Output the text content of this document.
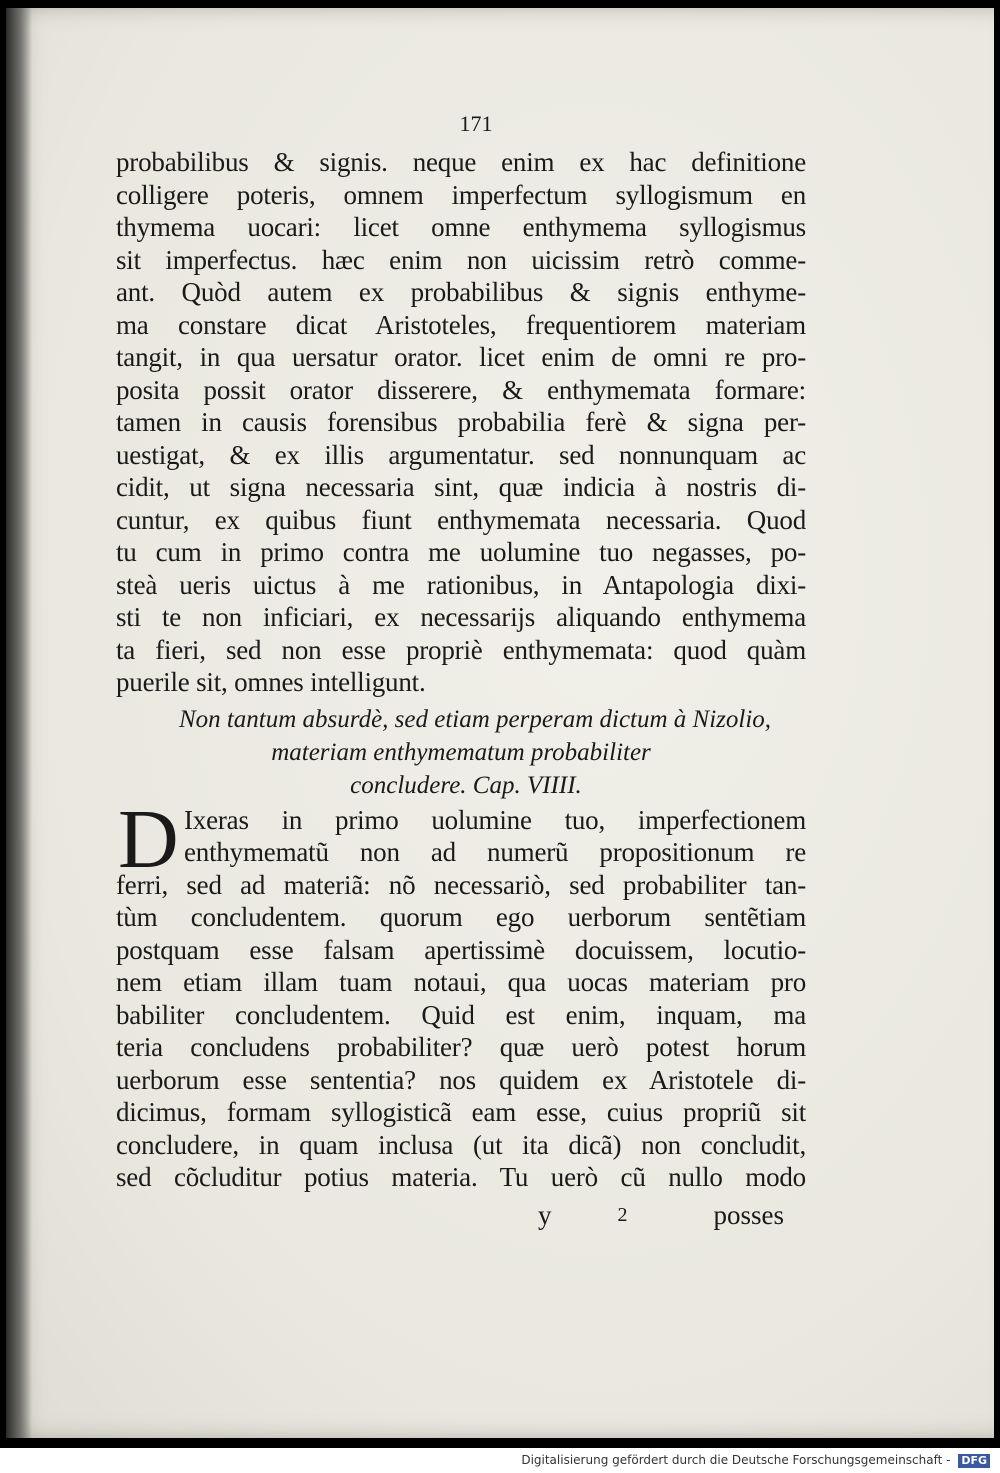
171
probabilibus & signis. neque enim ex hac definitione
colligere poteris, omnem imperfectum syllogismum en
thymema uocari: licet omne enthymema syllogismus
sit imperfectus. hæc enim non uicissim retrò comme-
ant. Quòd autem ex probabilibus & signis enthyme-
ma constare dicat Aristoteles, frequentiorem materiam
tangit, in qua uersatur orator. licet enim de omni re pro-
posita possit orator disserere, & enthymemata formare:
tamen in causis forensibus probabilia ferè & signa per-
uestigat, & ex illis argumentatur. sed nonnunquam ac
cidit, ut signa necessaria sint, quæ indicia à nostris di-
cuntur, ex quibus fiunt enthymemata necessaria. Quod
tu cum in primo contra me uolumine tuo negasses, po-
steà ueris uictus à me rationibus, in Antapologia dixi-
sti te non inficiari, ex necessarijs aliquando enthymema
ta fieri, sed non esse propriè enthymemata: quod quàm
puerile sit, omnes intelligunt.
Non tantum absurdè, sed etiam perperam dictum à Nizolio,
materiam enthymematum probabiliter
concludere. Cap. VIIII.
D Ixeras in primo uolumine tuo, imperfectionem
enthymematũ non ad numerũ propositionum re
ferri, sed ad materiã: nõ necessariò, sed probabiliter tan-
tùm concludentem. quorum ego uerborum sentẽtiam
postquam esse falsam apertissimè docuissem, locutio-
nem etiam illam tuam notaui, qua uocas materiam pro
babiliter concludentem. Quid est enim, inquam, ma
teria concludens probabiliter? quæ uerò potest horum
uerborum esse sententia? nos quidem ex Aristotele di-
dicimus, formam syllogisticã eam esse, cuius propriũ sit
concludere, in quam inclusa (ut ita dicã) non concludit,
sed cõcluditur potius materia. Tu uerò cũ nullo modo
y	2	posses
Digitalisierung gefördert durch die Deutsche Forschungsgemeinschaft - DFG
